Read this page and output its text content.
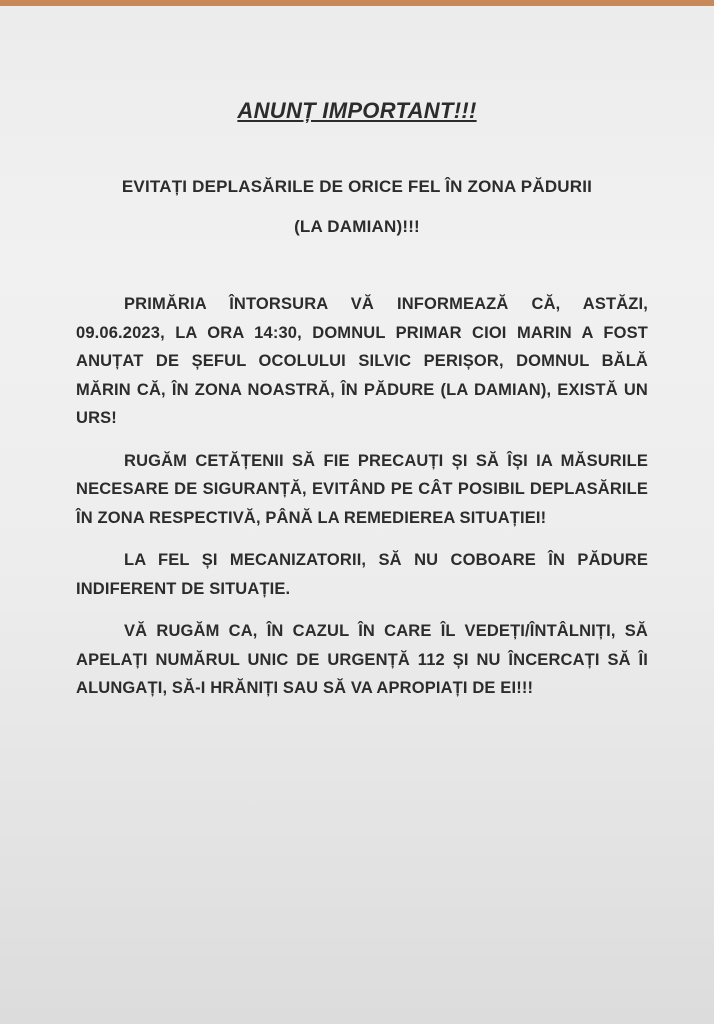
ANUNȚ IMPORTANT!!!

EVITAȚI DEPLASĂRILE DE ORICE FEL ÎN ZONA PĂDURII

(LA DAMIAN)!!!

PRIMĂRIA ÎNTORSURA VĂ INFORMEAZĂ CĂ, ASTĂZI, 09.06.2023, LA ORA 14:30, DOMNUL PRIMAR CIOI MARIN A FOST ANUȚAT DE ȘEFUL OCOLULUI SILVIC PERIȘOR, DOMNUL BĂLĂ MĂRIN CĂ, ÎN ZONA NOASTRĂ, ÎN PĂDURE (LA DAMIAN), EXISTĂ UN URS!

RUGĂM CETĂȚENII SĂ FIE PRECAUȚI ȘI SĂ ÎȘI IA MĂSURILE NECESARE DE SIGURANȚĂ, EVITÂND PE CÂT POSIBIL DEPLASĂRILE ÎN ZONA RESPECTIVĂ, PÂNĂ LA REMEDIEREA SITUAȚIEI!

LA FEL ȘI MECANIZATORII, SĂ NU COBOARE ÎN PĂDURE INDIFERENT DE SITUAȚIE.

VĂ RUGĂM CA, ÎN CAZUL ÎN CARE ÎL VEDEȚI/ÎNTÂLNIȚI, SĂ APELAȚI NUMĂRUL UNIC DE URGENȚĂ 112 ȘI NU ÎNCERCAȚI SĂ ÎI ALUNGAȚI, SĂ-I HRĂNIȚI SAU SĂ VA APROPIAȚI DE EI!!!
